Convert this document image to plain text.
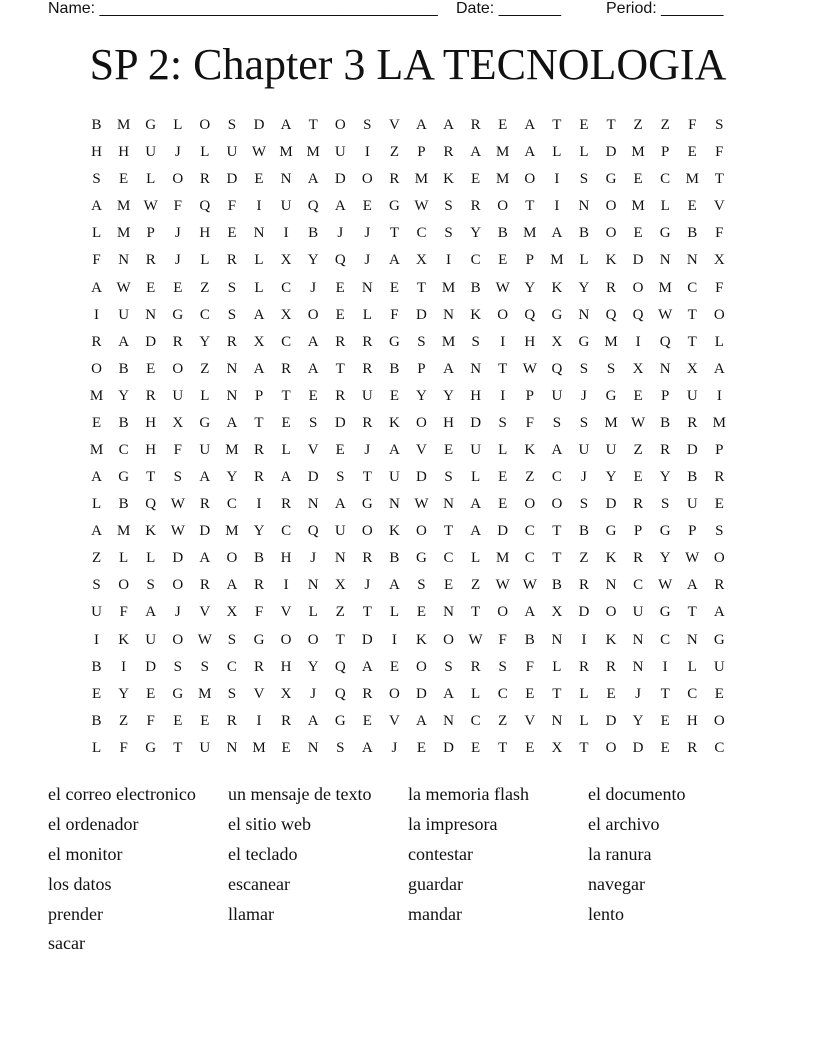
Name: ______________________________________ Date: _______	Period: _______
SP 2: Chapter 3 LA TECNOLOGIA
B	M G	L	O	S	D	A	T	O	S	V	A	A	R	E	A	T	E	T	Z	Z	F	S
H	H	U	J	L	U W M M U	I	Z	P	R	A M A	L	L	D M	P	E	F
S	E	L	O	R	D	E	N	A	D	O	R	M K	E	M O	I	S	G	E	C	M	T
A M W	F	Q	F	I	U	Q	A	E	G W	S	R	O	T	I	N	O M	L	E	V
L	M	P	J	H	E	N	I	B	J	J	T	C	S	Y	B	M A	B	O	E	G	B	F
F	N	R	J	L	R	L	X	Y	Q	J	A	X	I	C	E	P	M	L	K	D	N	N	X
A W	E	E	Z	S	L	C	J	E	N	E	T	M	B W Y	K	Y	R	O M	C	F
I	U	N	G	C	S	A	X	O	E	L	F	D	N	K	O	Q	G	N	Q	Q W	T	O
R	A	D	R	Y	R	X	C	A	R	R	G	S	M	S	I	H	X	G M	I	Q	T	L
O	B	E	O	Z	N	A	R	A	T	R	B	P	A	N	T	W Q	S	S	X	N	X	A
M Y	R	U	L	N	P	T	E	R	U	E	Y	Y	H	I	P	U	J	G	E	P	U	I
E	B	H	X	G	A	T	E	S	D	R	K	O	H	D	S	F	S	S	M W B	R	M
M	C	H	F	U M	R	L	V	E	J	A	V	E	U	L	K	A	U	U	Z	R	D	P
A	G	T	S	A	Y	R	A	D	S	T	U	D	S	L	E	Z	C	J	Y	E	Y	B	R
L	B	Q W R	C	I	R	N	A	G	N W N	A	E	O	O	S	D	R	S	U	E
A M K W D M Y	C	Q	U	O	K	O	T	A	D	C	T	B	G	P	G	P	S
Z	L	L	D	A	O	B	H	J	N	R	B	G	C	L	M	C	T	Z	K	R	Y W O
S	O	S	O	R	A	R	I	N	X	J	A	S	E	Z	W W B	R	N	C W A	R
U	F	A	J	V	X	F	V	L	Z	T	L	E	N	T	O	A	X	D	O	U	G	T	A
I	K	U	O W	S	G	O	O	T	D	I	K	O W	F	B	N	I	K	N	C	N	G
B	I	D	S	S	C	R	H	Y	Q	A	E	O	S	R	S	F	L	R	R	N	I	L	U
E	Y	E	G M	S	V	X	J	Q	R	O	D	A	L	C	E	T	L	E	J	T	C	E
B	Z	F	E	E	R	I	R	A	G	E	V	A	N	C	Z	V	N	L	D	Y	E	H	O
L	F	G	T	U	N M	E	N	S	A	J	E	D	E	T	E	X	T	O	D	E	R	C
el correo electronico	un mensaje de texto	la memoria flash	el documento
el ordenador	el sitio web	la impresora	el archivo
el monitor	el teclado	contestar	la ranura
los datos	escanear	guardar	navegar
prender	llamar	mandar	lento
sacar
